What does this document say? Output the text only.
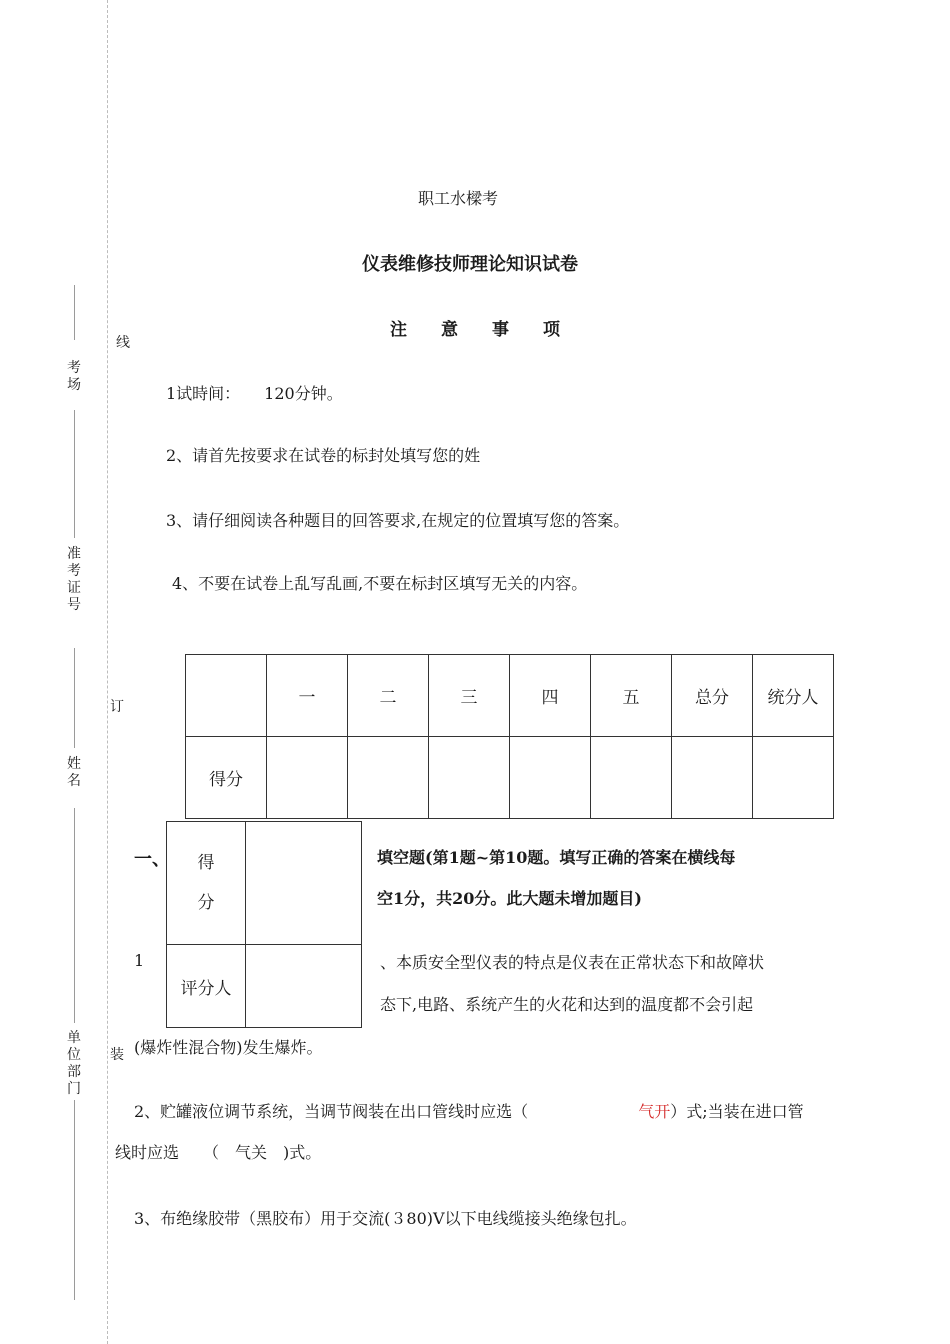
考场
准考证号
姓名
单位部门
线
订
装
职工水樑考
仪表维修技师理论知识试卷
注　　意　　事　　项
1试時间：　　120分钟。
2、请首先按要求在试卷的标封处填写您的姓
3、请仔细阅读各种题目的回答要求,在规定的位置填写您的答案。
4、不要在试卷上乱写乱画,不要在标封区填写无关的内容。
	一	二	三	四	五	总分	统分人
得分							
一、 得分	
评分人	
填空题(第1题~第10题。填写正确的答案在横线每
空1分，共20分。此大题未增加题目)
1	、本质安全型仪表的特点是仪表在正常状态下和故障状
态下,电路、系统产生的火花和达到的温度都不会引起
(爆炸性混合物)发生爆炸。
2、贮罐液位调节系统，当调节阀装在出口管线时应选（	气开）式;当装在进口管
线时应选　　（　气关　)式。
3、布绝缘胶带（黑胶布）用于交流(３80)V以下电线缆接头绝缘包扎。
